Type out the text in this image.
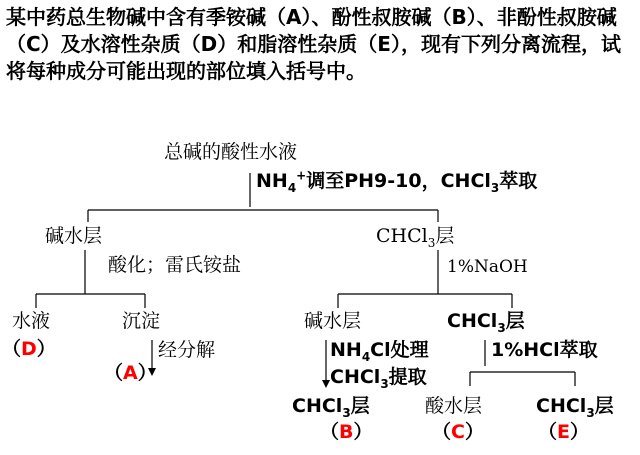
某中药总生物碱中含有季铵碱（A）、酚性叔胺碱（B）、非酚性叔胺碱（C）及水溶性杂质（D）和脂溶性杂质（E），现有下列分离流程，试将每种成分可能出现的部位填入括号中。

总碱的酸性水液
$NH_4^+$调至PH9-10，CHCl$_3$萃取
碱水层
酸化；雷氏铵盐
CHCl$_3$层
1%NaOH
水液
（D）
沉淀
经分解
（A）
碱水层	CHCl$_3$层
$NH_4Cl$处理
CHCl$_3$提取
1%HCl萃取
CHCl$_3$层
（B）
酸水层
（C）
CHCl$_3$层
（E）
